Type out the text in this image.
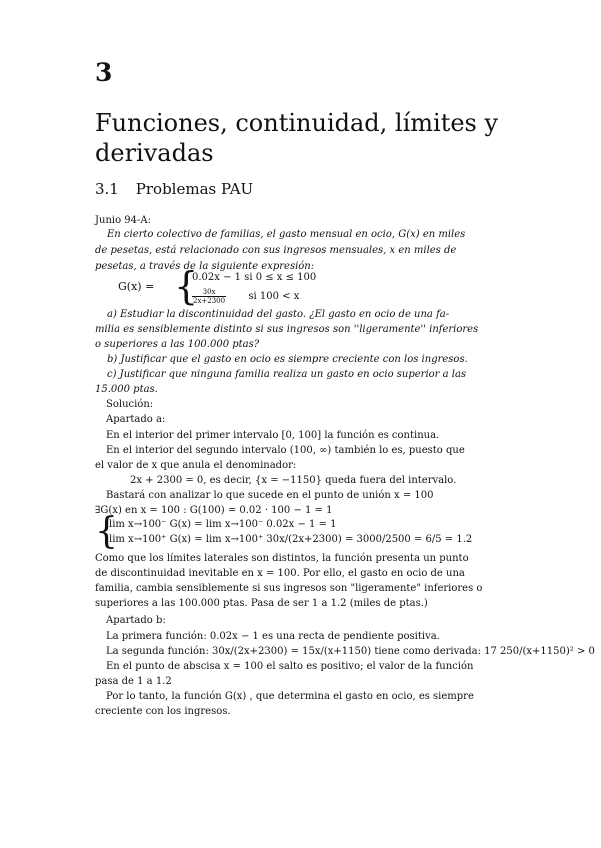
3
Funciones, continuidad, límites y derivadas
3.1 Problemas PAU
Junio 94-A:
En cierto colectivo de familias, el gasto mensual en ocio, G(x) en miles
de pesetas, está relacionado con sus ingresos mensuales, x en miles de
pesetas, a través de la siguiente expresión:
G(x) = {
0.02x − 1 si 0 ≤ x ≤ 100
$\frac{30x}{2x+2300}$ si 100 < x
a) Estudiar la discontinuidad del gasto. ¿El gasto en ocio de una fa-
milia es sensiblemente distinto si sus ingresos son ''ligeramente'' inferiores
o superiores a las 100.000 ptas?
b) Justificar que el gasto en ocio es siempre creciente con los ingresos.
c) Justificar que ninguna familia realiza un gasto en ocio superior a las
15.000 ptas.
Solución:
Apartado a:
En el interior del primer intervalo [0, 100] la función es continua.
En el interior del segundo intervalo (100, ∞) también lo es, puesto que
el valor de x que anula el denominador:
2x + 2300 = 0, es decir, {x = −1150} queda fuera del intervalo.
Bastará con analizar lo que sucede en el punto de unión x = 100
∃G(x) en x = 100 : G(100) = 0.02 · 100 − 1 = 1
{
lim x→100⁻ G(x) = lim x→100⁻ 0.02x − 1 = 1
lim x→100⁺ G(x) = lim x→100⁺ 30x/(2x+2300) = 3000/2500 = 6/5 = 1.2
Como que los límites laterales son distintos, la función presenta un punto
de discontinuidad inevitable en x = 100. Por ello, el gasto en ocio de una
familia, cambia sensiblemente si sus ingresos son "ligeramente" inferiores o
superiores a las 100.000 ptas. Pasa de ser 1 a 1.2 (miles de ptas.)
Apartado b:
La primera función: 0.02x − 1 es una recta de pendiente positiva.
La segunda función: 30x/(2x+2300) = 15x/(x+1150) tiene como derivada: 17 250/(x+1150)² > 0
En el punto de abscisa x = 100 el salto es positivo; el valor de la función
pasa de 1 a 1.2
Por lo tanto, la función G(x) , que determina el gasto en ocio, es siempre
creciente con los ingresos.
